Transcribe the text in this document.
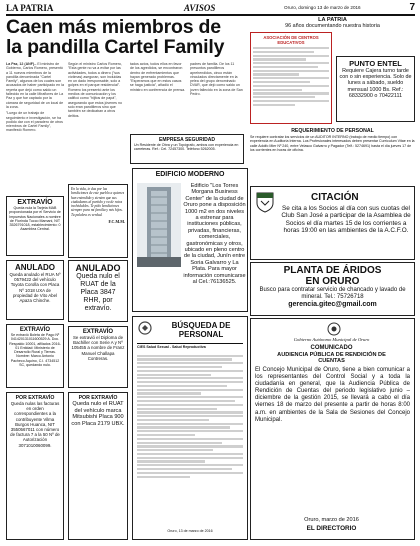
LA PATRIA	AVISOS	Oruro, domingo 13 de marzo de 2016	7
Caen más miembros de
la pandilla Cartel Family
La Paz, 12 (ANF).- El ministro de Gobierno, Carlos Romero, presentó a 11 nuevos miembros de la pandilla denominada "Cartel Family", algunos de los cuales son acusados de haber participado en la reyerta que dejó como saldo un fallecido en la calle Miraflores de La Paz y que fue captado por la cámara de seguridad de un local de la zona.
"Luego de un trabajo de seguimiento e investigación, se ha podido dar con el paradero de otros miembros de Cartel Family", manifestó Romero.
Según el ministro Carlos Romero, "Esta gente no va a evitar por las actividades, todos a dinero ("sus víctimas) aseguran, son incluidas en un dado irresponsable, solo a golpes en el parque residencial". Romero los presentó ante los medios de comunicación y los calificó como "hijitos de papá", asegurando que estos jóvenes no solo eran pandilleros sino que también se dedicaban a otros delitos.
tados actos, todos ellos en favor de los agredidos, se encontraron dentro de enfrentamientos que hayan generado problemas. "Esperamos que en estos casos se haga justicia", añadió el ministro en conferencia de prensa.
padres de familia. De los 11 presuntos pandilleros aprehendidos, cinco están vinculados directamente en la pelea del grupo denominado DVAR, que dejó como saldo un joven fallecido en la zona de San Pedro.
EMPRESA SEGURIDAD
Un Residente de Obra y un Topógrafo, ambos con experiencia en carreteras. Ref.: Cel. 72457300. Teléfono 5262005.
EXTRAVÍO
Queda nula la Tarjeta MAB proporcionada por el Servicio de Impuestos Nacionales a nombre de Florinda Tucco Mamani, NIT 3526791018, establecimiento: 0 Asamblea Central.
En la vida, te das por las bendiciones de este pueblo a quienes han entendido y sienten que sus ciudadanos al partido y va de ratos inolvidables. Te pido bendiciones siempre para mi familia y mis hijos. Tu palabra es verdad.
F.C.M.M.
ANULADO
Queda anulado el RUA Nº 0579422 del vehículo Toyota Corolla con Placa Nº 1018 UXA de propiedad de Vito Abel Apaza Chinche.
ANULADO
Queda nulo el RUAT de la Placa 3847 RHR, por extravío.
EXTRAVÍO
Se extravió Boleta de Pago Nº 041420131011600529 A. Doc. Respaldo 10001, afiliados 2016-01 Entidad: Ministerio de Desarrollo Rural y Tierras. Nombre: Marco Antonio Pacheco Aquino, C.I. 4734512 SC, quedando nulo.
EXTRAVÍO
Se extravió el Diploma de Bachiller con Serie A y Nº 105455 a nombre de Franz Manuel Challapa Contreras.
POR EXTRAVÍO
Queda nulas las facturas en orden correspondientes a la contribuyente Vilma Burgos Huanca, NIT 3550567011 con número de factura 7 a la 50 Nº de Autorización 3071010060099.
POR EXTRAVÍO
Queda nulo el RUAT del vehículo marca Mitsubishi Placa 900 con Placa 2179 UBX.
EDIFICIO MODERNO
Edificio "Los Torres Morgana Business Center" de la ciudad de Oruro pone a disposición 1000 m2 en dos niveles a estrenar para instituciones públicas, privadas, financieras, comerciales, gastronómicas y otros, ubicado en pleno centro de la ciudad, Junín entre Soria Galvarro y La Plata. Para mayor información comunicarse al Cel.:76136525.
BÚSQUEDA DE
PERSONAL
CIES Salud Sexual - Salud Reproductiva
Oruro, 13 de marzo de 2016
LA PATRIA
96 años documentando nuestra historia
ASOCIACIÓN DE CENTROS EDUCATIVOS
PUNTO ENTEL
Requiere Cajera turno tarde con o sin experiencia. Solo de lunes a sábado, sueldo mensual 1000 Bs. Ref.: 68332900 o 70422111
REQUERIMIENTO DE PERSONAL
Se requiere contratar los servicios de un AUDITOR INTERNO (trabajo de medio tiempo) con experiencia en Auditoría Interna. Los Profesionales interesados deben presentar Currículum Vitae en la calle Adolfo Mier Nº 240, entre Velasco Galvarro y Pagador (Telf.: 5274691) hasta el día jueves 17 de los corrientes en horas de oficina.
CITACIÓN
Se cita a los Socios al día con sus cuotas del Club San José a participar de la Asamblea de Socios el día martes 15 de los corrientes a horas 19:00 en las ambientes de la A.C.F.O.
PLANTA DE ÁRIDOS
EN ORURO
Busco para contratar servicio de chancado y lavado de mineral. Tel.: 75726718
gerencia.gitec@gmail.com
Gobierno Autónomo Municipal de Oruro
COMUNICADO
AUDIENCIA PÚBLICA DE RENDICIÓN DE CUENTAS
El Concejo Municipal de Oruro, tiene a bien comunicar a los representantes del Control Social y a toda la ciudadanía en general, que la Audiencia Pública de Rendición de Cuentas del periodo legislativo junio – diciembre de la gestión 2015, se llevará a cabo el día viernes 18 de marzo del presente a partir de horas 8:00 a.m. en ambientes de la Sala de Sesiones del Concejo Municipal.
Oruro, marzo de 2016
EL DIRECTORIO
